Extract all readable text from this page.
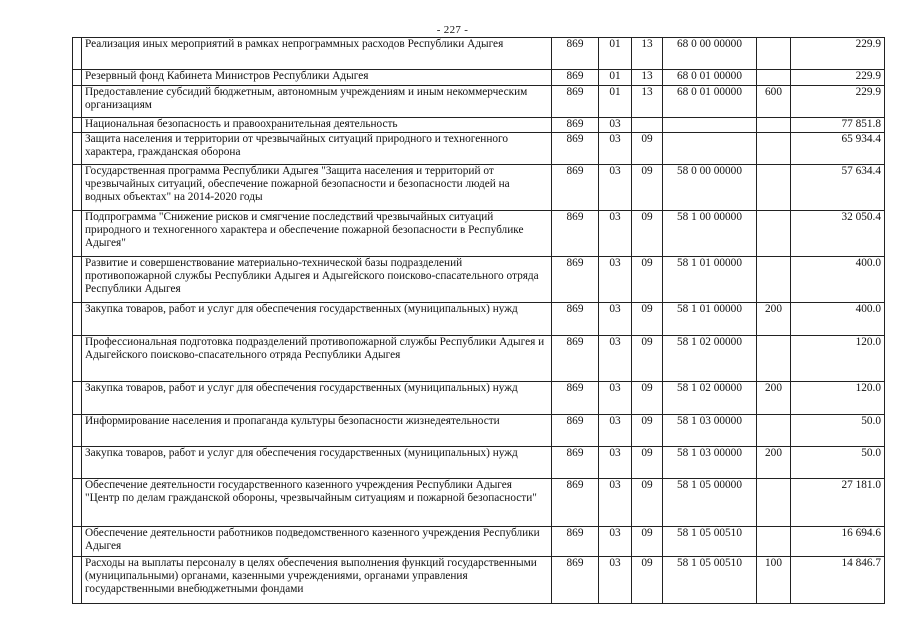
- 227 -
	Реализация иных мероприятий в рамках непрограммных расходов Республики Адыгея	869	01	13	68 0 00 00000		229.9
	Резервный фонд Кабинета Министров Республики Адыгея	869	01	13	68 0 01 00000		229.9
	Предоставление субсидий бюджетным, автономным учреждениям и иным некоммерческим организациям	869	01	13	68 0 01 00000	600	229.9
	Национальная безопасность и правоохранительная деятельность	869	03				77 851.8
	Защита населения и территории от чрезвычайных ситуаций природного и техногенного характера, гражданская оборона	869	03	09			65 934.4
	Государственная программа Республики Адыгея "Защита населения и территорий от чрезвычайных ситуаций, обеспечение пожарной безопасности и безопасности людей на водных объектах" на 2014-2020 годы	869	03	09	58 0 00 00000		57 634.4
	Подпрограмма "Снижение рисков и смягчение последствий чрезвычайных ситуаций природного и техногенного характера и обеспечение пожарной безопасности в Республике Адыгея"	869	03	09	58 1 00 00000		32 050.4
	Развитие и совершенствование материально-технической базы подразделений противопожарной службы Республики Адыгея и Адыгейского поисково-спасательного отряда Республики Адыгея	869	03	09	58 1 01 00000		400.0
	Закупка товаров, работ и услуг для обеспечения государственных (муниципальных) нужд	869	03	09	58 1 01 00000	200	400.0
	Профессиональная подготовка подразделений противопожарной службы Республики Адыгея и Адыгейского поисково-спасательного отряда Республики Адыгея	869	03	09	58 1 02 00000		120.0
	Закупка товаров, работ и услуг для обеспечения государственных (муниципальных) нужд	869	03	09	58 1 02 00000	200	120.0
	Информирование населения и пропаганда культуры безопасности жизнедеятельности	869	03	09	58 1 03 00000		50.0
	Закупка товаров, работ и услуг для обеспечения государственных (муниципальных) нужд	869	03	09	58 1 03 00000	200	50.0
	Обеспечение деятельности государственного казенного учреждения Республики Адыгея "Центр по делам гражданской обороны, чрезвычайным ситуациям и пожарной безопасности"	869	03	09	58 1 05 00000		27 181.0
	Обеспечение деятельности работников подведомственного казенного учреждения Республики Адыгея	869	03	09	58 1 05 00510		16 694.6
	Расходы на выплаты персоналу в целях обеспечения выполнения функций государственными (муниципальными) органами, казенными учреждениями, органами управления государственными внебюджетными фондами	869	03	09	58 1 05 00510	100	14 846.7
